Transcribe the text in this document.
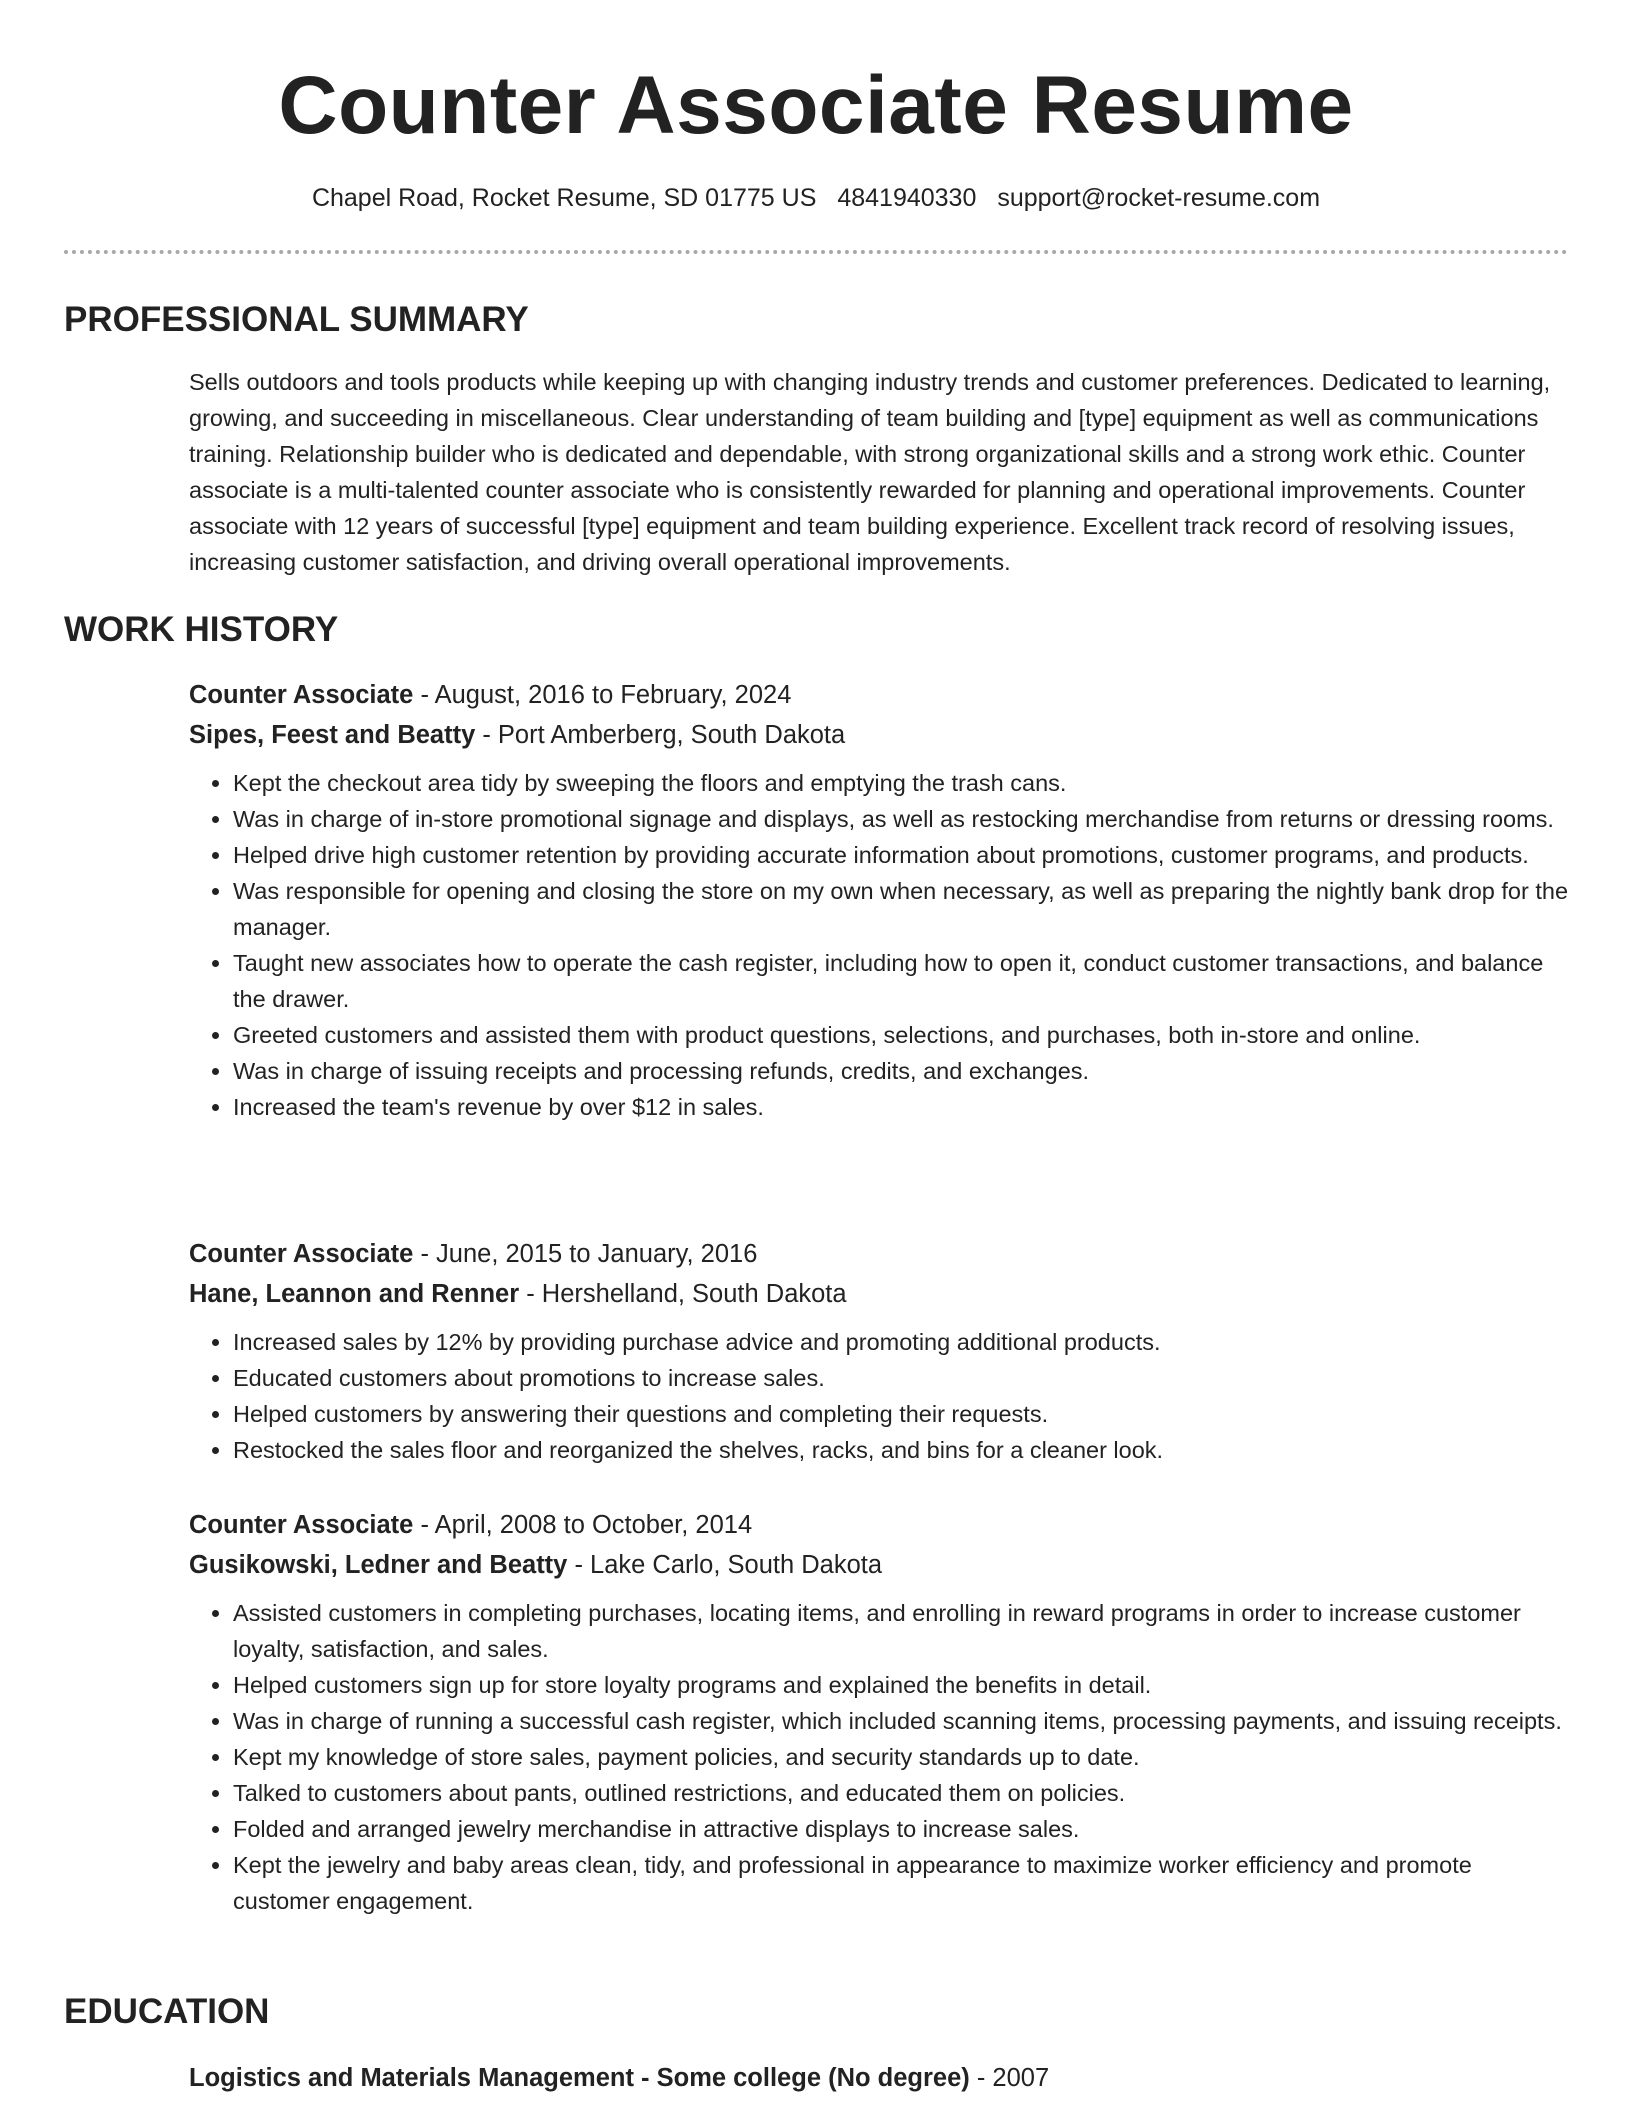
Counter Associate Resume
Chapel Road, Rocket Resume, SD 01775 US 4841940330 support@rocket-resume.com
PROFESSIONAL SUMMARY

Sells outdoors and tools products while keeping up with changing industry trends and customer preferences. Dedicated to learning, growing, and succeeding in miscellaneous. Clear understanding of team building and [type] equipment as well as communications training. Relationship builder who is dedicated and dependable, with strong organizational skills and a strong work ethic. Counter associate is a multi-talented counter associate who is consistently rewarded for planning and operational improvements. Counter associate with 12 years of successful [type] equipment and team building experience. Excellent track record of resolving issues, increasing customer satisfaction, and driving overall operational improvements.

WORK HISTORY
Counter Associate - August, 2016 to February, 2024
Sipes, Feest and Beatty - Port Amberberg, South Dakota
• Kept the checkout area tidy by sweeping the floors and emptying the trash cans.
• Was in charge of in-store promotional signage and displays, as well as restocking merchandise from returns or dressing rooms.
• Helped drive high customer retention by providing accurate information about promotions, customer programs, and products.
• Was responsible for opening and closing the store on my own when necessary, as well as preparing the nightly bank drop for the manager.
• Taught new associates how to operate the cash register, including how to open it, conduct customer transactions, and balance the drawer.
• Greeted customers and assisted them with product questions, selections, and purchases, both in-store and online.
• Was in charge of issuing receipts and processing refunds, credits, and exchanges.
• Increased the team's revenue by over $12 in sales.
Counter Associate - June, 2015 to January, 2016
Hane, Leannon and Renner - Hershelland, South Dakota
• Increased sales by 12% by providing purchase advice and promoting additional products.
• Educated customers about promotions to increase sales.
• Helped customers by answering their questions and completing their requests.
• Restocked the sales floor and reorganized the shelves, racks, and bins for a cleaner look.
Counter Associate - April, 2008 to October, 2014
Gusikowski, Ledner and Beatty - Lake Carlo, South Dakota
• Assisted customers in completing purchases, locating items, and enrolling in reward programs in order to increase customer loyalty, satisfaction, and sales.
• Helped customers sign up for store loyalty programs and explained the benefits in detail.
• Was in charge of running a successful cash register, which included scanning items, processing payments, and issuing receipts.
• Kept my knowledge of store sales, payment policies, and security standards up to date.
• Talked to customers about pants, outlined restrictions, and educated them on policies.
• Folded and arranged jewelry merchandise in attractive displays to increase sales.
• Kept the jewelry and baby areas clean, tidy, and professional in appearance to maximize worker efficiency and promote customer engagement.
EDUCATION
Logistics and Materials Management - Some college (No degree) - 2007
